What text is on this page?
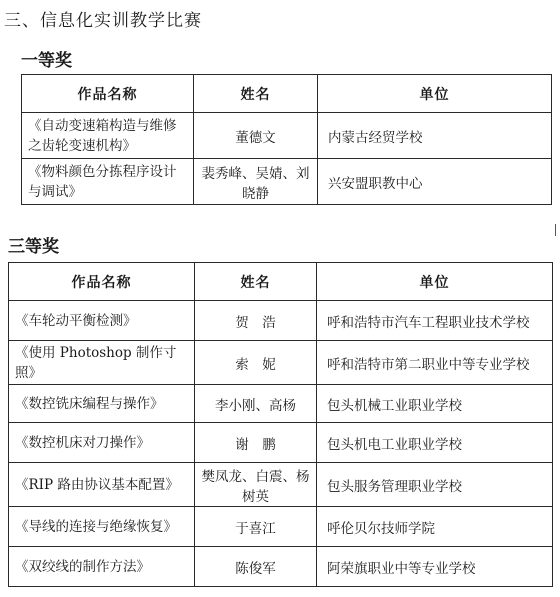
三、信息化实训教学比赛
一等奖
作品名称	姓名	单位
《自动变速箱构造与维修之齿轮变速机构》	董德文	内蒙古经贸学校
《物料颜色分拣程序设计与调试》	裴秀峰、吴婧、刘晓静	兴安盟职教中心
三等奖
作品名称	姓名	单位
《车轮动平衡检测》	贺　浩	呼和浩特市汽车工程职业技术学校
《使用 Photoshop 制作寸照》	索　妮	呼和浩特市第二职业中等专业学校
《数控铣床编程与操作》	李小刚、高杨	包头机械工业职业学校
《数控机床对刀操作》	谢　鹏	包头机电工业职业学校
《RIP 路由协议基本配置》	樊凤龙、白震、杨树英	包头服务管理职业学校
《导线的连接与绝缘恢复》	于喜江	呼伦贝尔技师学院
《双绞线的制作方法》	陈俊军	阿荣旗职业中等专业学校
